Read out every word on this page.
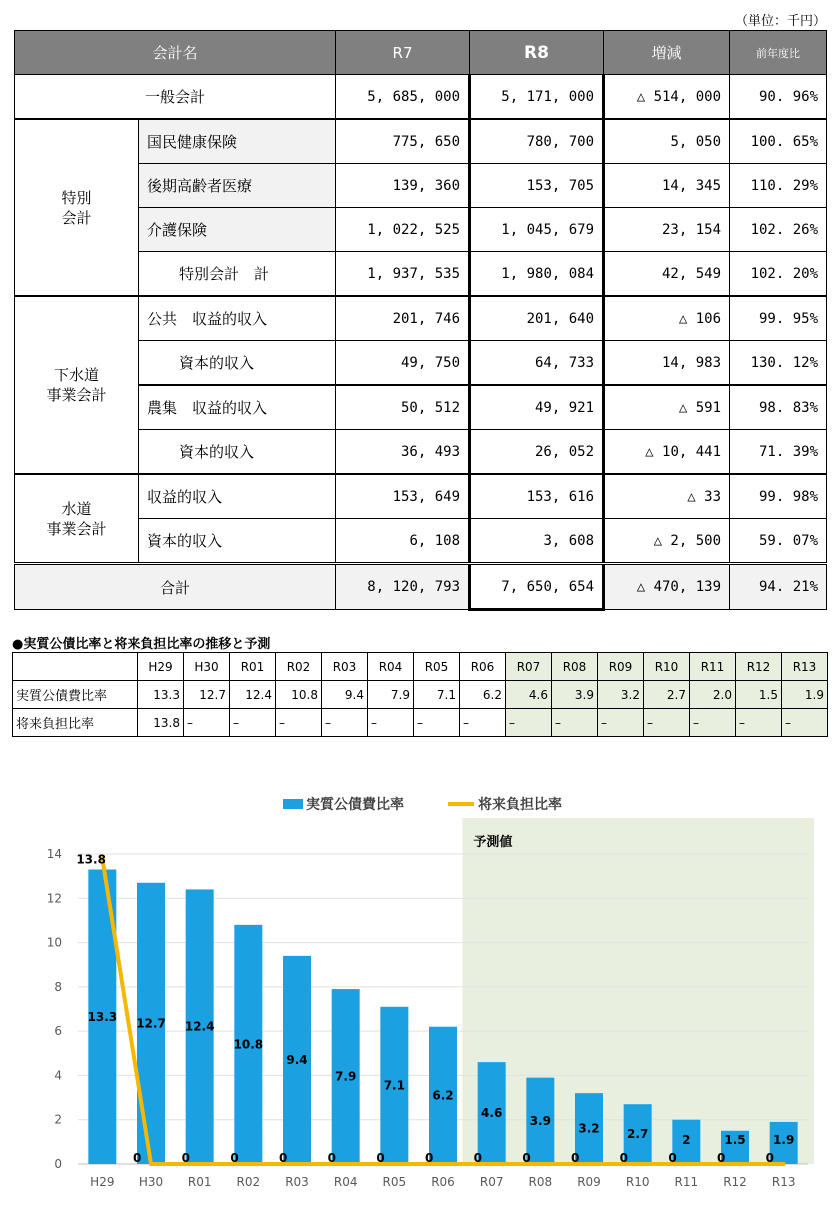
（単位：千円）
会計名		R7	R8	増減	前年度比
一般会計		5, 685, 000	5, 171, 000	△ 514, 000	90. 96%
特別
会計	国民健康保険	775, 650	780, 700	5, 050	100. 65%
	後期高齢者医療	139, 360	153, 705	14, 345	110. 29%
	介護保険	1, 022, 525	1, 045, 679	23, 154	102. 26%
	特別会計　計	1, 937, 535	1, 980, 084	42, 549	102. 20%
下水道
事業会計	公共　収益的収入	201, 746	201, 640	△ 106	99. 95%
	資本的収入	49, 750	64, 733	14, 983	130. 12%
	農集　収益的収入	50, 512	49, 921	△ 591	98. 83%
	資本的収入	36, 493	26, 052	△ 10, 441	71. 39%
水道
事業会計	収益的収入	153, 649	153, 616	△ 33	99. 98%
	資本的収入	6, 108	3, 608	△ 2, 500	59. 07%
合計		8, 120, 793	7, 650, 654	△ 470, 139	94. 21%
●実質公債比率と将来負担比率の推移と予測
	H29	H30	R01	R02	R03	R04	R05	R06	R07	R08	R09	R10	R11	R12	R13
実質公債費比率	13.3	12.7	12.4	10.8	9.4	7.9	7.1	6.2	4.6	3.9	3.2	2.7	2.0	1.5	1.9
将来負担比率	13.8	–	–	–	–	–	–	–	–	–	–	–	–	–	–
予測値
0
2
4
6
8
10
12
14
13.3 12.7 12.4
10.8
9.4
7.9
7.1
6.2
4.6
3.9
3.2 2.7	2	1.5 1.9
13.8
0	0	0	0	0	0	0	0	0	0	0	0	0	0
H29 H30 R01 R02 R03 R04 R05 R06 R07 R08 R09 R10 R11 R12 R13
実質公債費比率	将来負担比率
